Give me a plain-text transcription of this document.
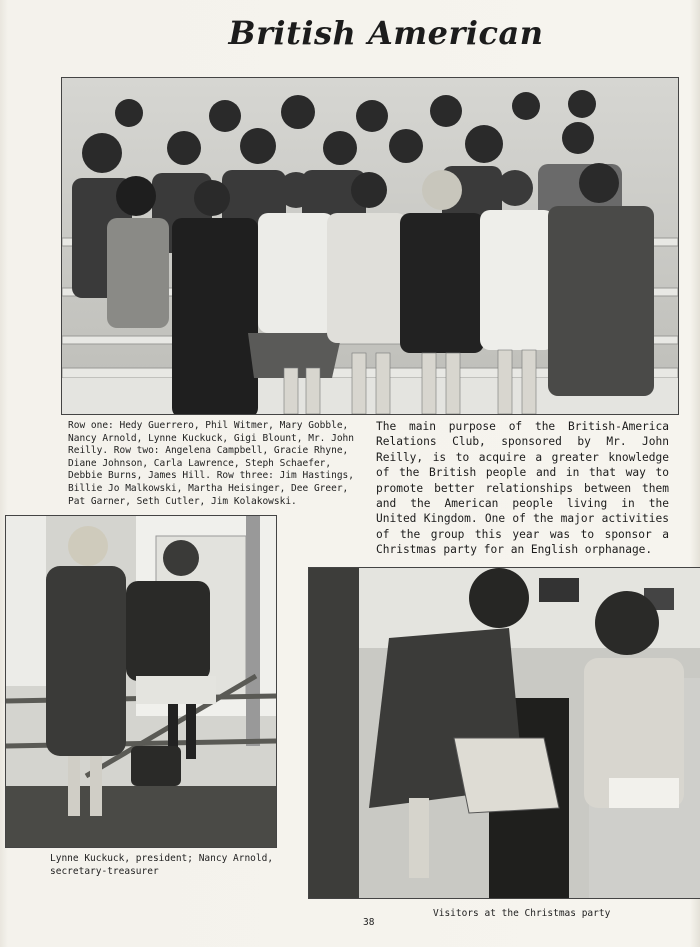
British American

Row one: Hedy Guerrero, Phil Witmer, Mary Gobble, Nancy Arnold, Lynne Kuckuck, Gigi Blount, Mr. John Reilly. Row two: Angelena Campbell, Gracie Rhyne, Diane Johnson, Carla Lawrence, Steph Schaefer, Debbie Burns, James Hill. Row three: Jim Hastings, Billie Jo Malkowski, Martha Heisinger, Dee Greer, Pat Garner, Seth Cutler, Jim Kolakowski.

The main purpose of the British-America Relations Club, sponsored by Mr. John Reilly, is to acquire a greater knowledge of the British people and in that way to promote better relationships between them and the American people living in the United Kingdom. One of the major activities of the group this year was to sponsor a Christmas party for an English orphanage.

Lynne Kuckuck, president; Nancy Arnold, secretary-treasurer

Visitors at the Christmas party

38
